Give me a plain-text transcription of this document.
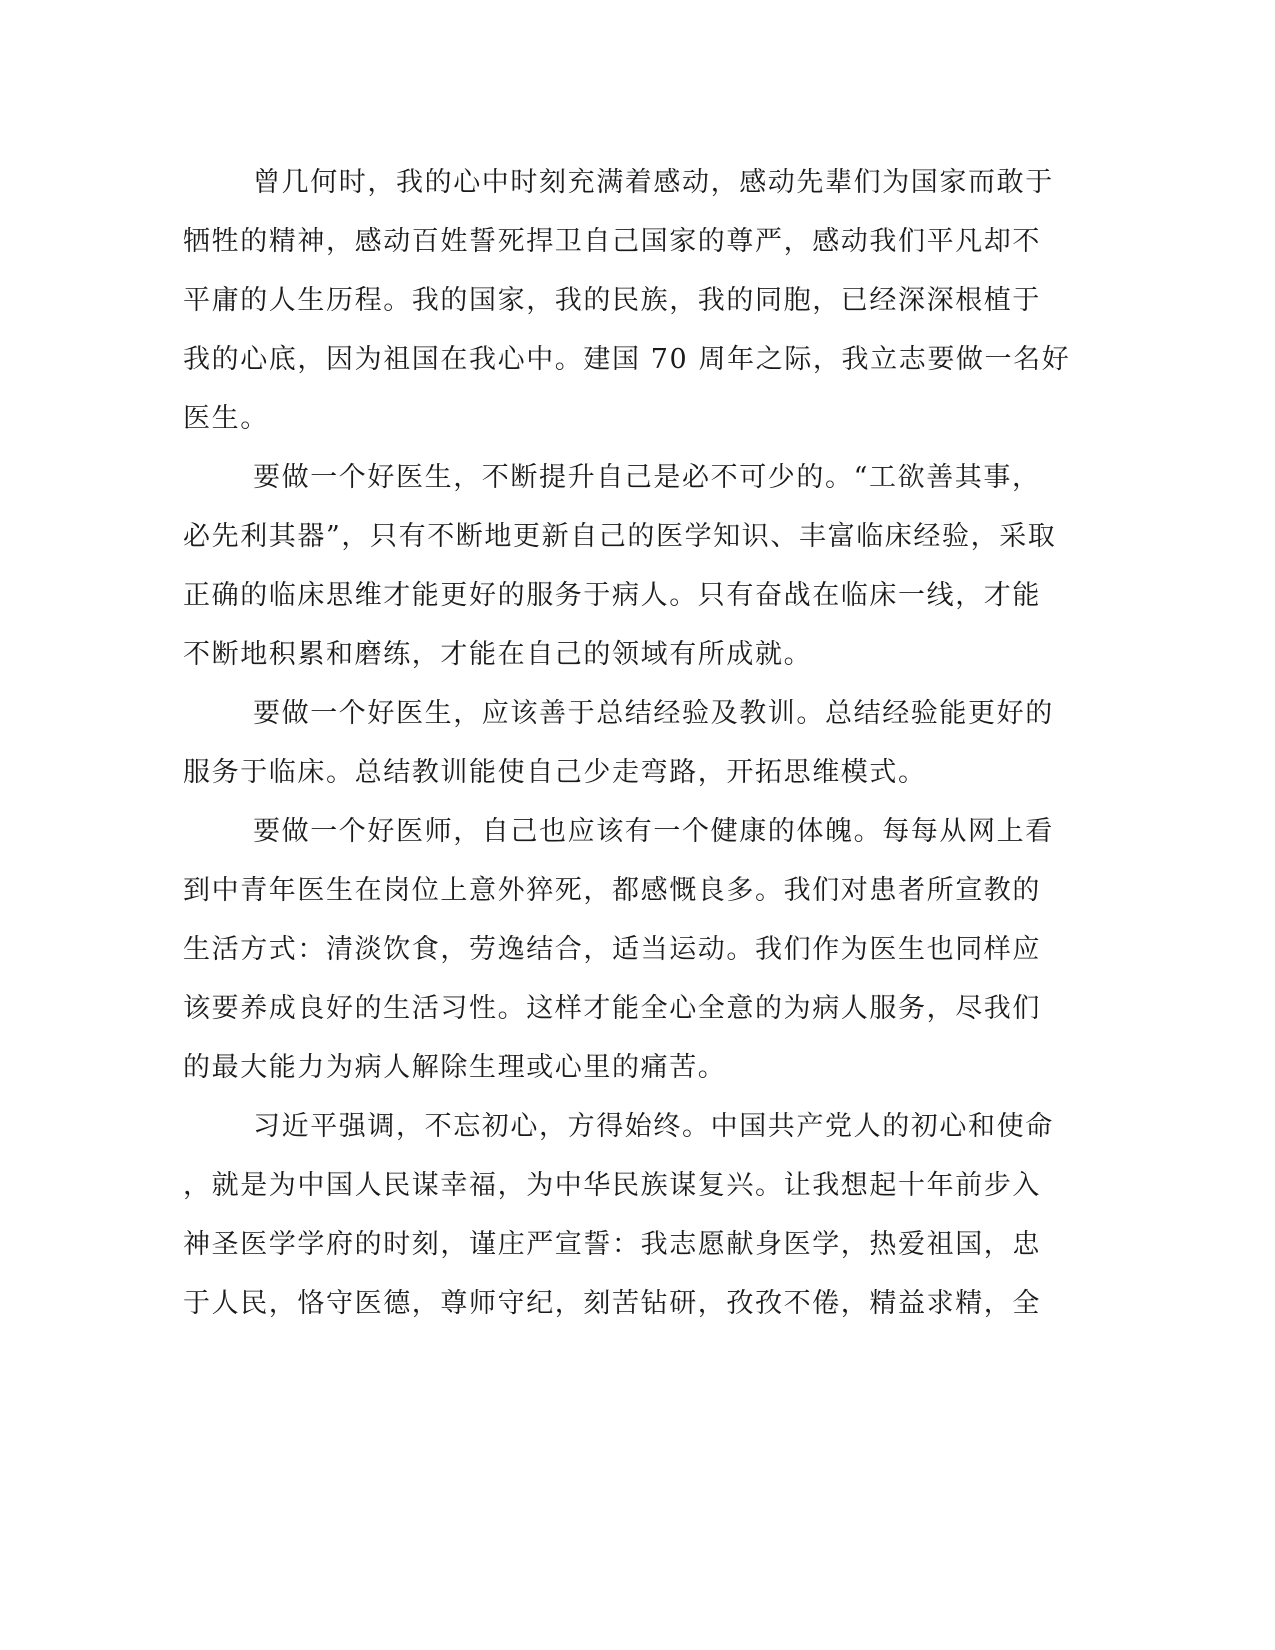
曾几何时，我的心中时刻充满着感动，感动先辈们为国家而敢于
牺牲的精神，感动百姓誓死捍卫自己国家的尊严，感动我们平凡却不
平庸的人生历程。我的国家，我的民族，我的同胞，已经深深根植于
我的心底，因为祖国在我心中。建国 70 周年之际，我立志要做一名好
医生。
要做一个好医生，不断提升自己是必不可少的。“工欲善其事，
必先利其器”，只有不断地更新自己的医学知识、丰富临床经验，采取
正确的临床思维才能更好的服务于病人。只有奋战在临床一线，才能
不断地积累和磨练，才能在自己的领域有所成就。
要做一个好医生，应该善于总结经验及教训。总结经验能更好的
服务于临床。总结教训能使自己少走弯路，开拓思维模式。
要做一个好医师，自己也应该有一个健康的体魄。每每从网上看
到中青年医生在岗位上意外猝死，都感慨良多。我们对患者所宣教的
生活方式：清淡饮食，劳逸结合，适当运动。我们作为医生也同样应
该要养成良好的生活习性。这样才能全心全意的为病人服务，尽我们
的最大能力为病人解除生理或心里的痛苦。
习近平强调，不忘初心，方得始终。中国共产党人的初心和使命
，就是为中国人民谋幸福，为中华民族谋复兴。让我想起十年前步入
神圣医学学府的时刻，谨庄严宣誓：我志愿献身医学，热爱祖国，忠
于人民，恪守医德，尊师守纪，刻苦钻研，孜孜不倦，精益求精，全
